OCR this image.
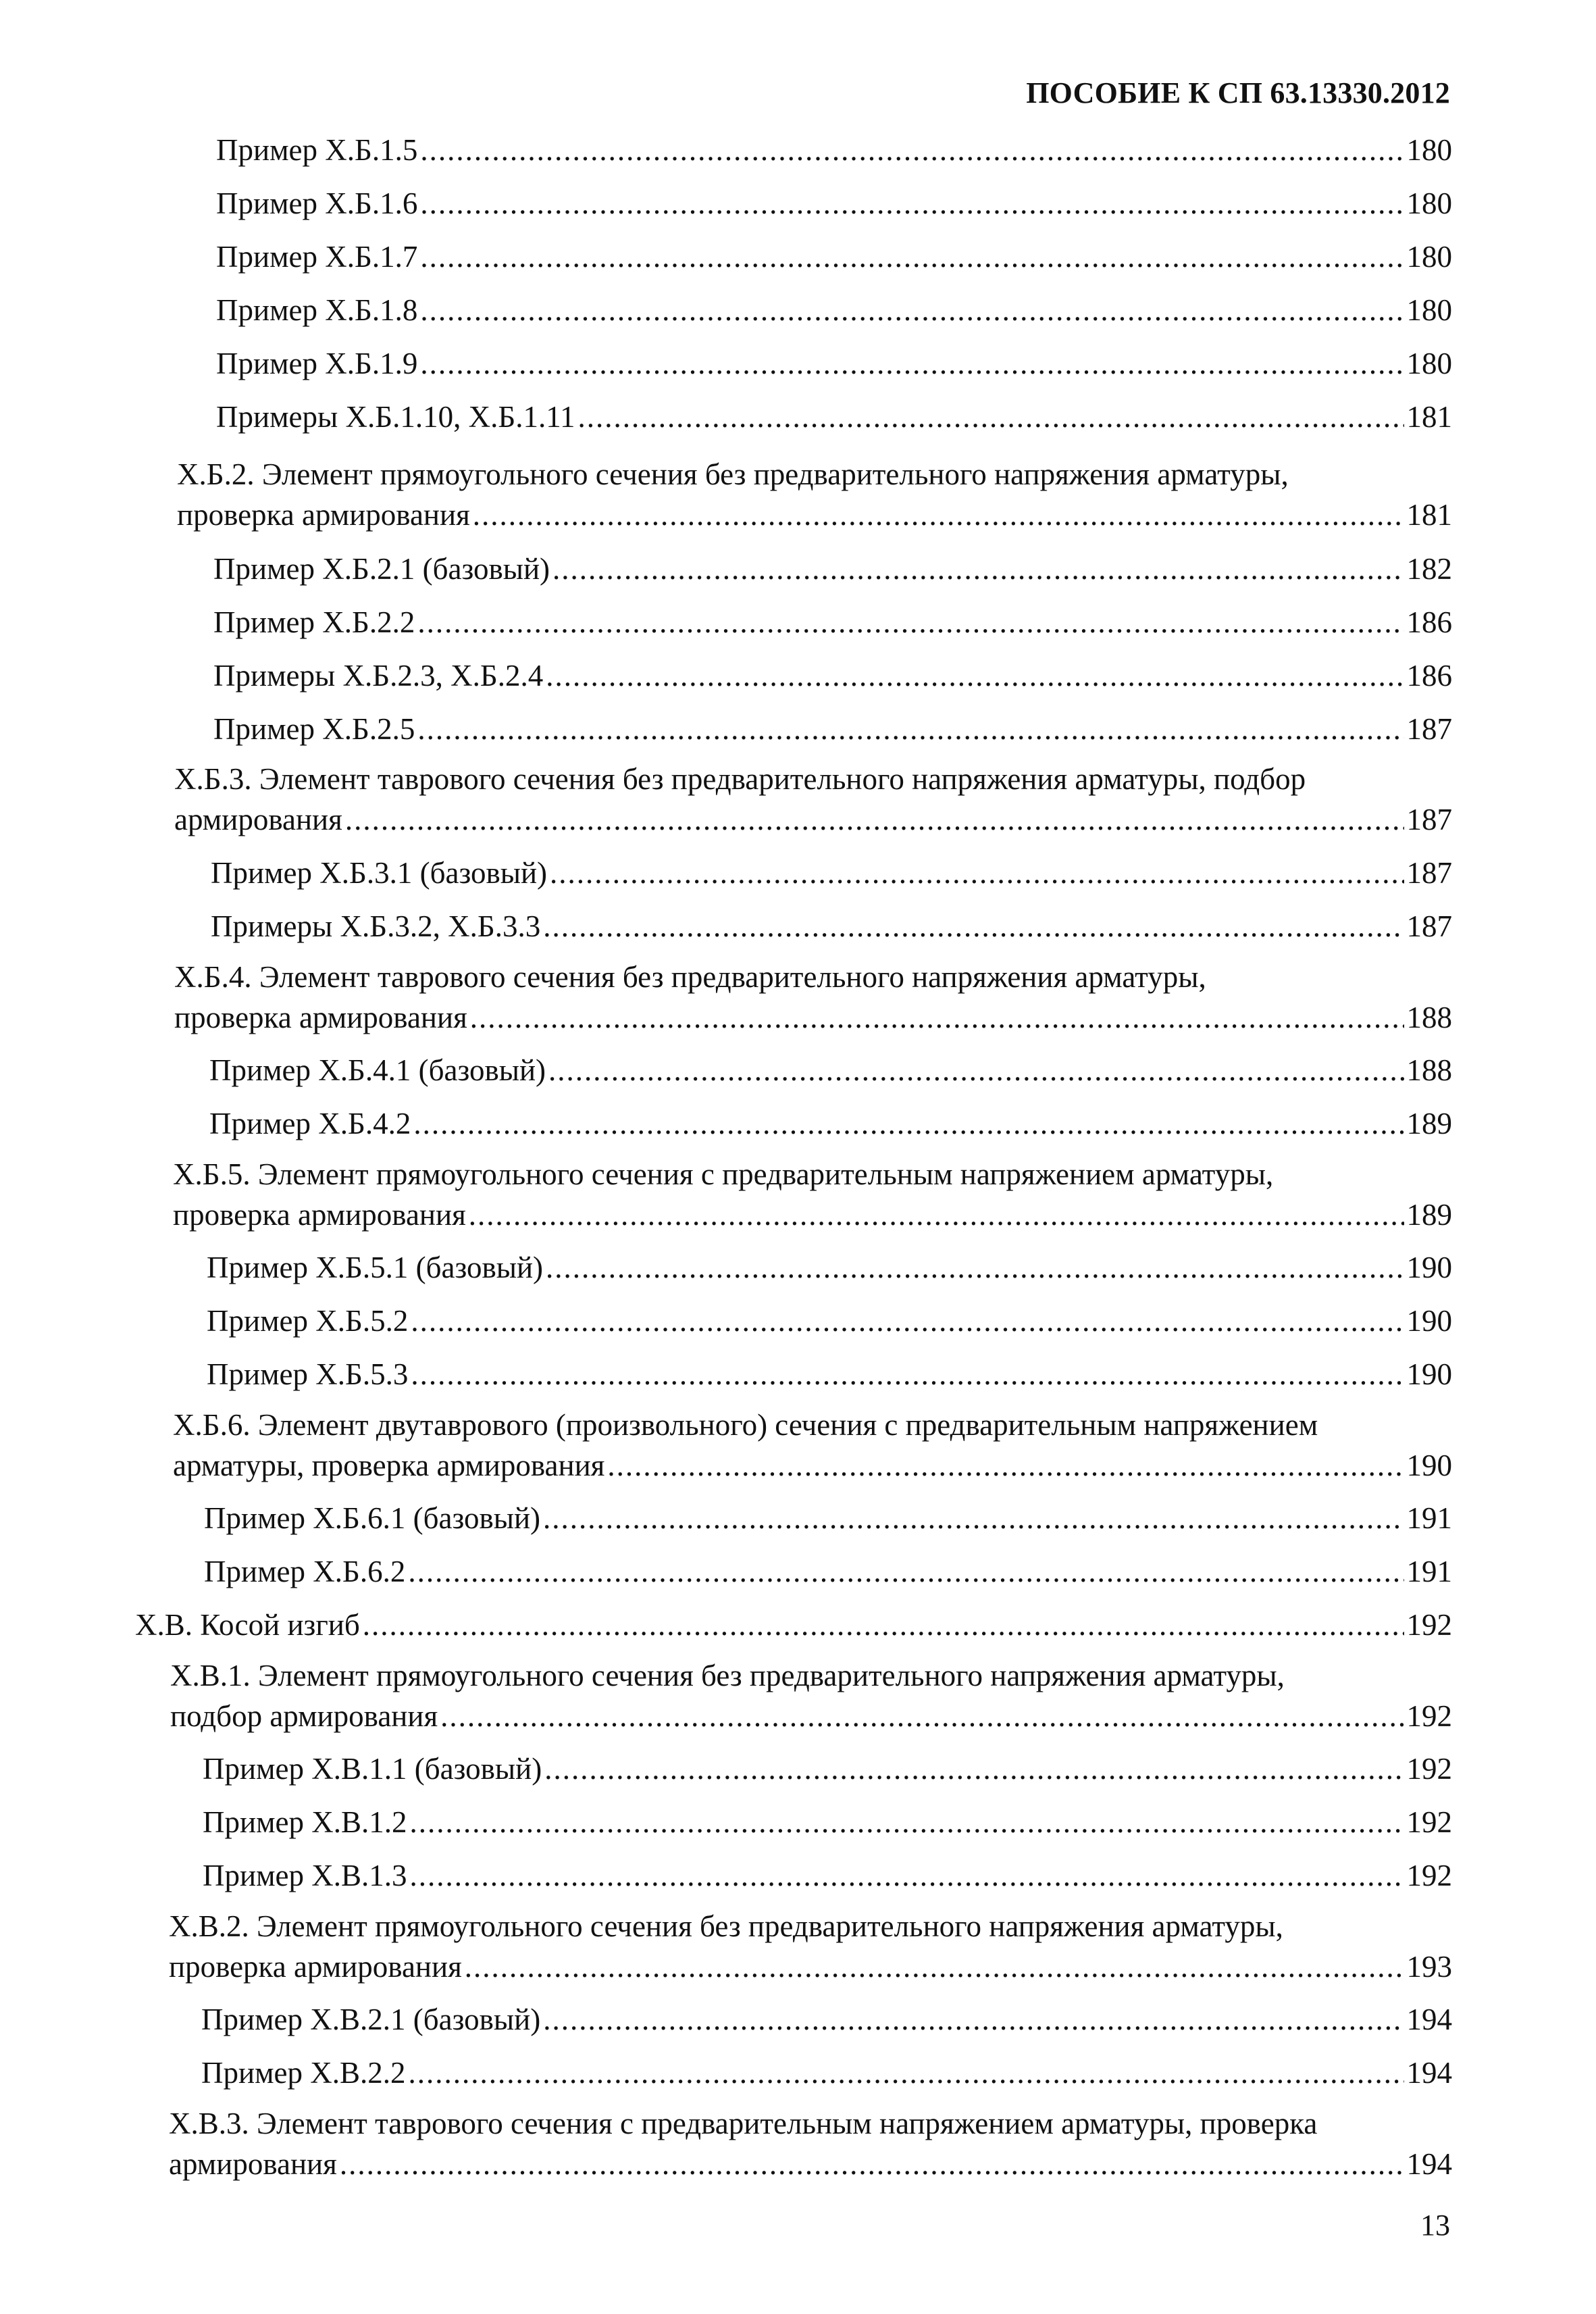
ПОСОБИЕ К СП 63.13330.2012
Пример Х.Б.1.5 .....	180
Пример Х.Б.1.6 .....	180
Пример Х.Б.1.7 .....	180
Пример Х.Б.1.8 .....	180
Пример Х.Б.1.9 .....	180
Примеры Х.Б.1.10, Х.Б.1.11 .....	181
Х.Б.2. Элемент прямоугольного сечения без предварительного напряжения арматуры,
проверка армирования .....	181
Пример Х.Б.2.1 (базовый) .....	182
Пример Х.Б.2.2 .....	186
Примеры Х.Б.2.3, Х.Б.2.4 .....	186
Пример Х.Б.2.5 .....	187
Х.Б.3. Элемент таврового сечения без предварительного напряжения арматуры, подбор
армирования .....	187
Пример Х.Б.3.1 (базовый) .....	187
Примеры Х.Б.3.2, Х.Б.3.3 .....	187
Х.Б.4. Элемент таврового сечения без предварительного напряжения арматуры,
проверка армирования .....	188
Пример Х.Б.4.1 (базовый) .....	188
Пример Х.Б.4.2 .....	189
Х.Б.5. Элемент прямоугольного сечения с предварительным напряжением арматуры,
проверка армирования .....	189
Пример Х.Б.5.1 (базовый) .....	190
Пример Х.Б.5.2 .....	190
Пример Х.Б.5.3 .....	190
Х.Б.6. Элемент двутаврового (произвольного) сечения с предварительным напряжением
арматуры, проверка армирования .....	190
Пример Х.Б.6.1 (базовый) .....	191
Пример Х.Б.6.2 .....	191
Х.В. Косой изгиб .....	192
Х.В.1. Элемент прямоугольного сечения без предварительного напряжения арматуры,
подбор армирования .....	192
Пример Х.В.1.1 (базовый) .....	192
Пример Х.В.1.2 .....	192
Пример Х.В.1.3 .....	192
Х.В.2. Элемент прямоугольного сечения без предварительного напряжения арматуры,
проверка армирования .....	193
Пример Х.В.2.1 (базовый) .....	194
Пример Х.В.2.2 .....	194
Х.В.3. Элемент таврового сечения с предварительным напряжением арматуры, проверка
армирования .....	194
13
